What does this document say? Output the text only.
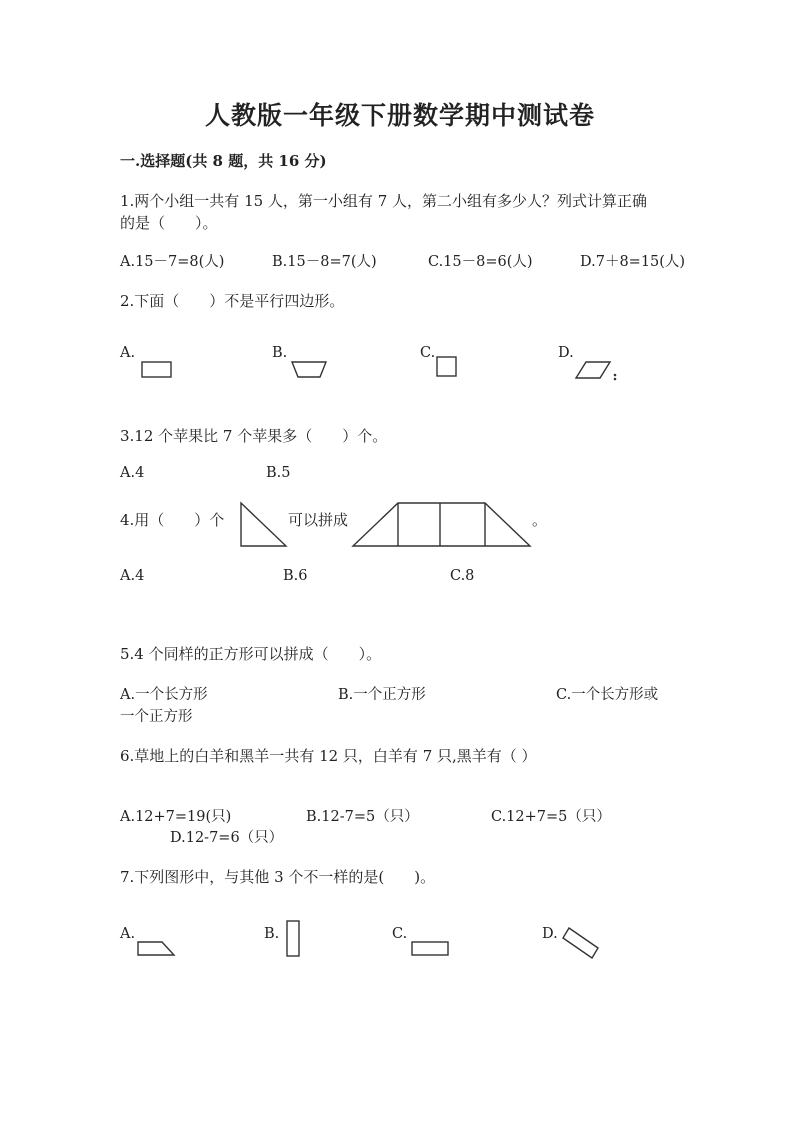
人教版一年级下册数学期中测试卷
一.选择题(共 8 题，共 16 分)
1.两个小组一共有 15 人，第一小组有 7 人，第二小组有多少人？列式计算正确
的是（　　）。
A.15－7=8(人)	B.15－8=7(人)	C.15－8=6(人)	D.7＋8=15(人)
2.下面（　　）不是平行四边形。
A.	B.	C.	D.
3.12 个苹果比 7 个苹果多（　　）个。
A.4	B.5
4.用（　　）个	可以拼成	。
A.4	B.6	C.8
5.4 个同样的正方形可以拼成（　　）。
A.一个长方形	B.一个正方形	C.一个长方形或
一个正方形
6.草地上的白羊和黑羊一共有 12 只，白羊有 7 只,黑羊有（ ）
A.12+7=19(只)	B.12-7=5（只）	C.12+7=5（只）
D.12-7=6（只）
7.下列图形中，与其他 3 个不一样的是(　　)。
A.	B.	C.	D.
